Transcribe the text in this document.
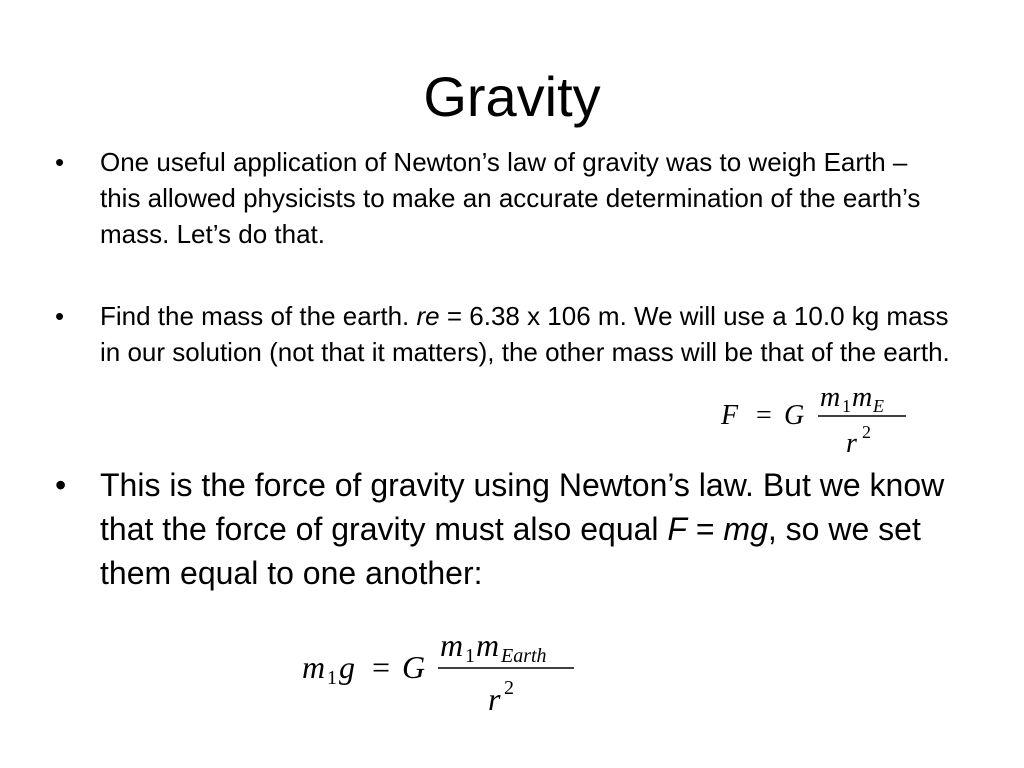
Gravity
• One useful application of Newton’s law of gravity was to weigh Earth – this allowed physicists to make an accurate determination of the earth’s mass. Let’s do that.
• Find the mass of the earth. re = 6.38 x 106 m. We will use a 10.0 kg mass in our solution (not that it matters), the other mass will be that of the earth.
F = G
m 1 m E
r 2
• This is the force of gravity using Newton’s law. But we know that the force of gravity must also equal F = mg, so we set them equal to one another:
m 1 g = G
m 1 m Earth
r 2
